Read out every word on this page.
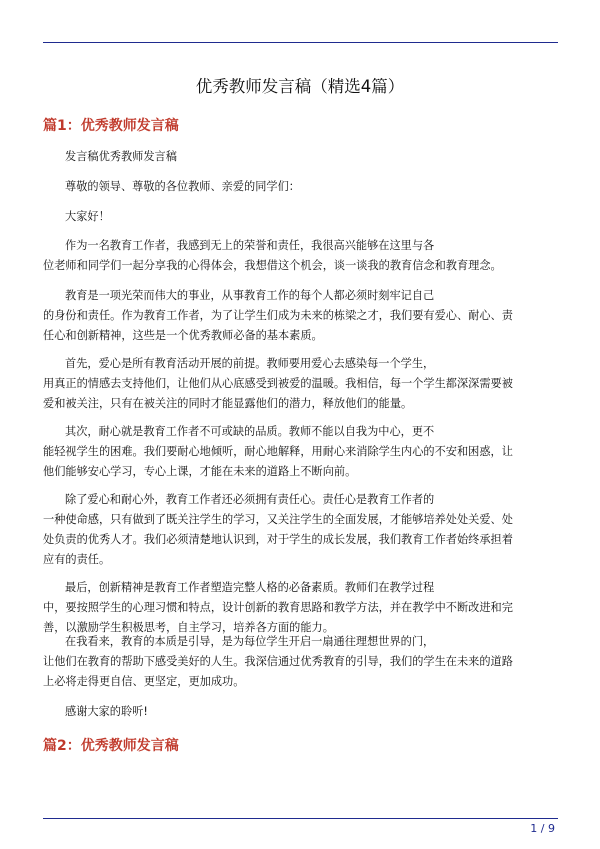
优秀教师发言稿（精选4篇）
篇1：优秀教师发言稿
发言稿优秀教师发言稿
尊敬的领导、尊敬的各位教师、亲爱的同学们：
大家好！
作为一名教育工作者，我感到无上的荣誉和责任，我很高兴能够在这里与各
位老师和同学们一起分享我的心得体会，我想借这个机会，谈一谈我的教育信念和教育理念。
教育是一项光荣而伟大的事业，从事教育工作的每个人都必须时刻牢记自己
的身份和责任。作为教育工作者，为了让学生们成为未来的栋梁之才，我们要有爱心、耐心、责
任心和创新精神，这些是一个优秀教师必备的基本素质。
首先，爱心是所有教育活动开展的前提。教师要用爱心去感染每一个学生，
用真正的情感去支持他们，让他们从心底感受到被爱的温暖。我相信，每一个学生都深深需要被
爱和被关注，只有在被关注的同时才能显露他们的潜力，释放他们的能量。
其次，耐心就是教育工作者不可或缺的品质。教师不能以自我为中心，更不
能轻视学生的困难。我们要耐心地倾听，耐心地解释，用耐心来消除学生内心的不安和困惑，让
他们能够安心学习，专心上课，才能在未来的道路上不断向前。
除了爱心和耐心外，教育工作者还必须拥有责任心。责任心是教育工作者的
一种使命感，只有做到了既关注学生的学习，又关注学生的全面发展，才能够培养处处关爱、处
处负责的优秀人才。我们必须清楚地认识到，对于学生的成长发展，我们教育工作者始终承担着
应有的责任。
最后，创新精神是教育工作者塑造完整人格的必备素质。教师们在教学过程
中，要按照学生的心理习惯和特点，设计创新的教育思路和教学方法，并在教学中不断改进和完
善，以激励学生积极思考，自主学习，培养各方面的能力。
在我看来，教育的本质是引导，是为每位学生开启一扇通往理想世界的门，
让他们在教育的帮助下感受美好的人生。我深信通过优秀教育的引导，我们的学生在未来的道路
上必将走得更自信、更坚定，更加成功。
感谢大家的聆听!
篇2：优秀教师发言稿
1 / 9
